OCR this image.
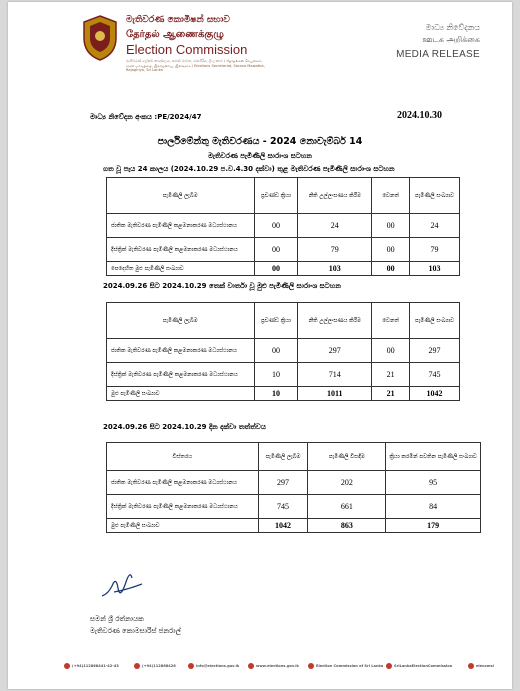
මැතිවරණ කොමිෂන් සභාව
தேர்தல் ஆணைக்குழு
Election Commission
මැතිවරණ ලේකම් කාර්යාලය, සරණ මාවත, රාජගිරිය, ශ්‍රී ලංකාව / தேர்தல்கள் செயலகம், சரண மாவத்தை, இராஜகிரிய, இலங்கை / Elections Secretariat, Sarana Mawatha, Rajagiriya, Sri Lanka
මාධ්‍ය නිවේදනය
ஊடக அறிக்கை
MEDIA RELEASE
මාධ්‍ය නිවේදන අංකය :PE/2024/47	2024.10.30
පාර්ලිමේන්තු මැතිවරණය - 2024 නොවැම්බර් 14
මැතිවරණ පැමිණිලි සාරාංශ සටහන
ගත වූ පැය 24 කාලය (2024.10.29 ප.ව.4.30 දක්වා) තුළ මැතිවරණ පැමිණිලි සාරාංශ සටහන
පැමිණිලි ලැබීම	ප්‍රචණ්ඩ ක්‍රියා	නීති උල්ලංඝණය කිරීම	වෙනත්	පැමිණිලි සංඛ්‍යාව
ජාතික මැතිවරණ පැමිණිලි කළමනාකරණ මධ්‍යස්ථානය	00	24	00	24
දිස්ත්‍රික් මැතිවරණ පැමිණිලි කළමනාකරණ මධ්‍යස්ථානය	00	79	00	79
පෙදෙහිත මුළු පැමිණිලි සංඛ්‍යාව	00	103	00	103
2024.09.26 සිට 2024.10.29 තෙක් වාර්තා වූ මුළු පැමිණිලි සාරාංශ සටහන
පැමිණිලි ලැබීම	ප්‍රචණ්ඩ ක්‍රියා	නීති උල්ලංඝණය කිරීම	වෙනත්	පැමිණිලි සංඛ්‍යාව
ජාතික මැතිවරණ පැමිණිලි කළමනාකරණ මධ්‍යස්ථානය	00	297	00	297
දිස්ත්‍රික් මැතිවරණ පැමිණිලි කළමනාකරණ මධ්‍යස්ථානය	10	714	21	745
මුළු පැමිණිලි සංඛ්‍යාව	10	1011	21	1042
2024.09.26 සිට 2024.10.29 දින දක්වා තත්ත්වය
විස්තරය	පැමිණිලි ලැබීම	පැමිණිලි විසඳීම	ක්‍රියා කරමින් පවතින පැමිණිලි සංඛ්‍යාව
ජාතික මැතිවරණ පැමිණිලි කළමනාකරණ මධ්‍යස්ථානය	297	202	95
දිස්ත්‍රික් මැතිවරණ පැමිණිලි කළමනාකරණ මධ්‍යස්ථානය	745	661	84
මුළු පැමිණිලි සංඛ්‍යාව	1042	863	179
සමන් ශ්‍රී රත්නායක
මැතිවරණ කොමසාරිස් ජනරාල්
(+94)112868441-42-43	(+94)112868426	info@elections.gov.lk	www.elections.gov.lk	Election Commission of Sri Lanka	SriLankaElectionCommission	elecomsl
